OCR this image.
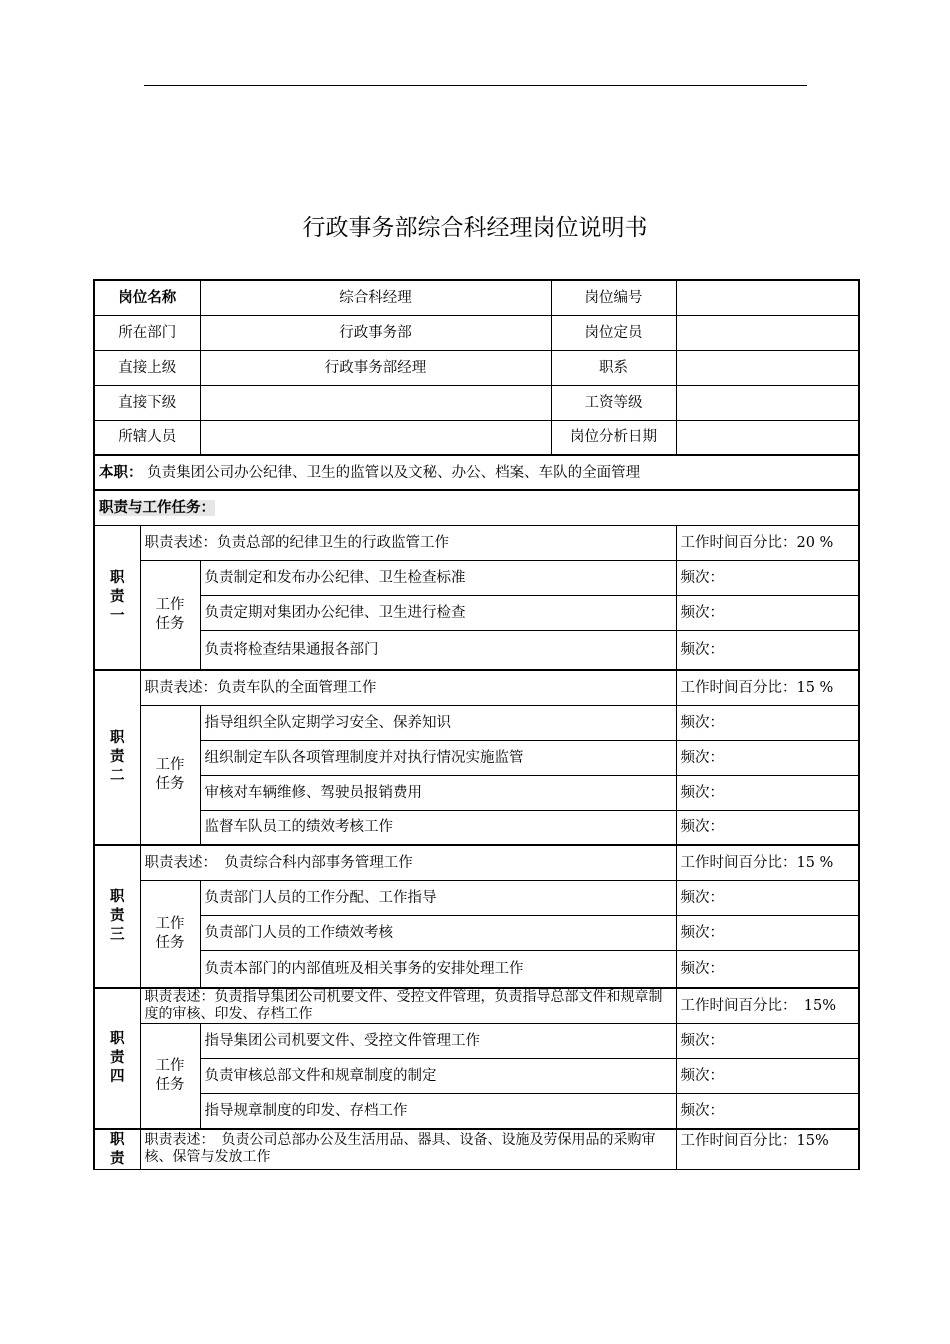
行政事务部综合科经理岗位说明书
岗位名称		综合科经理	岗位编号	
所在部门		行政事务部	岗位定员	
直接上级		行政事务部经理	职系	
直接下级			工资等级	
所辖人员			岗位分析日期	
本职： 负责集团公司办公纪律、卫生的监管以及文秘、办公、档案、车队的全面管理				
职责与工作任务：				

职
责
一	职责表述：负责总部的纪律卫生的行政监管工作			工作时间百分比：20 %
	工作任务	负责制定和发布办公纪律、卫生检查标准		频次：
		负责定期对集团办公纪律、卫生进行检查		频次：
		负责将检查结果通报各部门		频次：

职
责
二	职责表述：负责车队的全面管理工作			工作时间百分比：15 %
	工作任务	指导组织全队定期学习安全、保养知识		频次：
		组织制定车队各项管理制度并对执行情况实施监管		频次：
		审核对车辆维修、驾驶员报销费用		频次：
		监督车队员工的绩效考核工作		频次：

职
责
三	职责表述：　负责综合科内部事务管理工作			工作时间百分比：15 %
	工作任务	负责部门人员的工作分配、工作指导		频次：
		负责部门人员的工作绩效考核		频次：
		负责本部门的内部值班及相关事务的安排处理工作		频次：

职
责
四	职责表述：负责指导集团公司机要文件、受控文件管理，负责指导总部文件和规章制度的审核、印发、存档工作			工作时间百分比：　15%
	工作任务	指导集团公司机要文件、受控文件管理工作		频次：
		负责审核总部文件和规章制度的制定		频次：
		指导规章制度的印发、存档工作		频次：

职
责	职责表述：　负责公司总部办公及生活用品、器具、设备、设施及劳保用品的采购审核、保管与发放工作			工作时间百分比：15%
